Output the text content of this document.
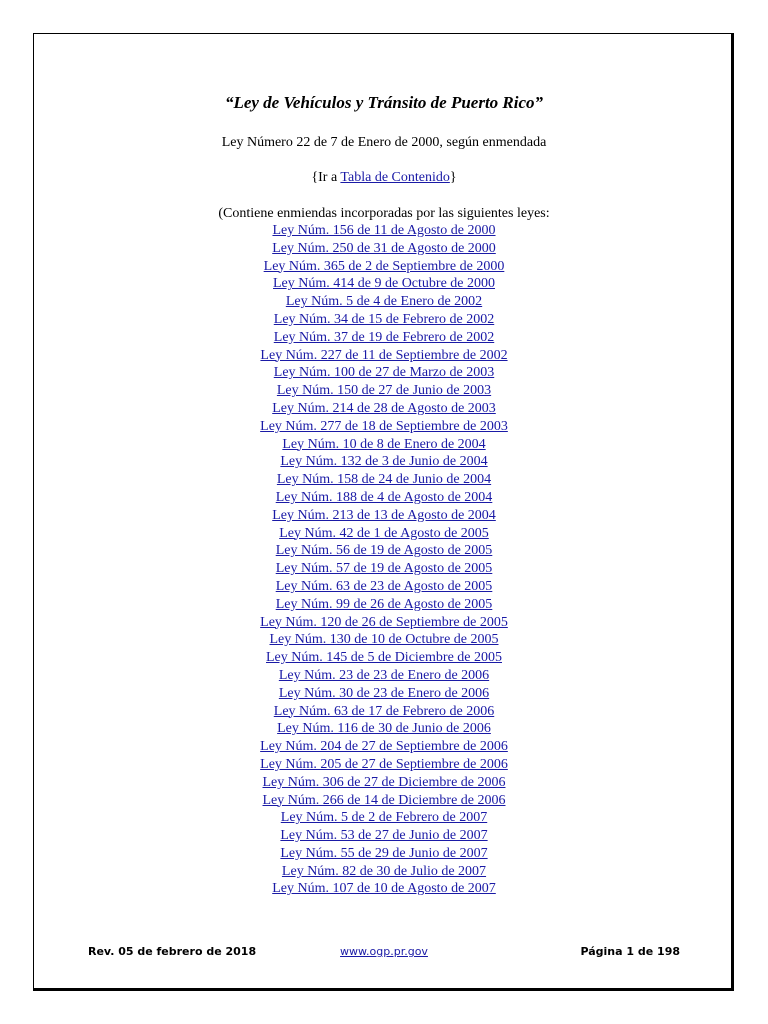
“Ley de Vehículos y Tránsito de Puerto Rico”
Ley Número 22 de 7 de Enero de 2000, según enmendada
{Ir a Tabla de Contenido}
(Contiene enmiendas incorporadas por las siguientes leyes:
Ley Núm. 156 de 11 de Agosto de 2000
Ley Núm. 250 de 31 de Agosto de 2000
Ley Núm. 365 de 2 de Septiembre de 2000
Ley Núm. 414 de 9 de Octubre de 2000
Ley Núm. 5 de 4 de Enero de 2002
Ley Núm. 34 de 15 de Febrero de 2002
Ley Núm. 37 de 19 de Febrero de 2002
Ley Núm. 227 de 11 de Septiembre de 2002
Ley Núm. 100 de 27 de Marzo de 2003
Ley Núm. 150 de 27 de Junio de 2003
Ley Núm. 214 de 28 de Agosto de 2003
Ley Núm. 277 de 18 de Septiembre de 2003
Ley Núm. 10 de 8 de Enero de 2004
Ley Núm. 132 de 3 de Junio de 2004
Ley Núm. 158 de 24 de Junio de 2004
Ley Núm. 188 de 4 de Agosto de 2004
Ley Núm. 213 de 13 de Agosto de 2004
Ley Núm. 42 de 1 de Agosto de 2005
Ley Núm. 56 de 19 de Agosto de 2005
Ley Núm. 57 de 19 de Agosto de 2005
Ley Núm. 63 de 23 de Agosto de 2005
Ley Núm. 99 de 26 de Agosto de 2005
Ley Núm. 120 de 26 de Septiembre de 2005
Ley Núm. 130 de 10 de Octubre de 2005
Ley Núm. 145 de 5 de Diciembre de 2005
Ley Núm. 23 de 23 de Enero de 2006
Ley Núm. 30 de 23 de Enero de 2006
Ley Núm. 63 de 17 de Febrero de 2006
Ley Núm. 116 de 30 de Junio de 2006
Ley Núm. 204 de 27 de Septiembre de 2006
Ley Núm. 205 de 27 de Septiembre de 2006
Ley Núm. 306 de 27 de Diciembre de 2006
Ley Núm. 266 de 14 de Diciembre de 2006
Ley Núm. 5 de 2 de Febrero de 2007
Ley Núm. 53 de 27 de Junio de 2007
Ley Núm. 55 de 29 de Junio de 2007
Ley Núm. 82 de 30 de Julio de 2007
Ley Núm. 107 de 10 de Agosto de 2007
Rev. 05 de febrero de 2018	www.ogp.pr.gov	Página 1 de 198
